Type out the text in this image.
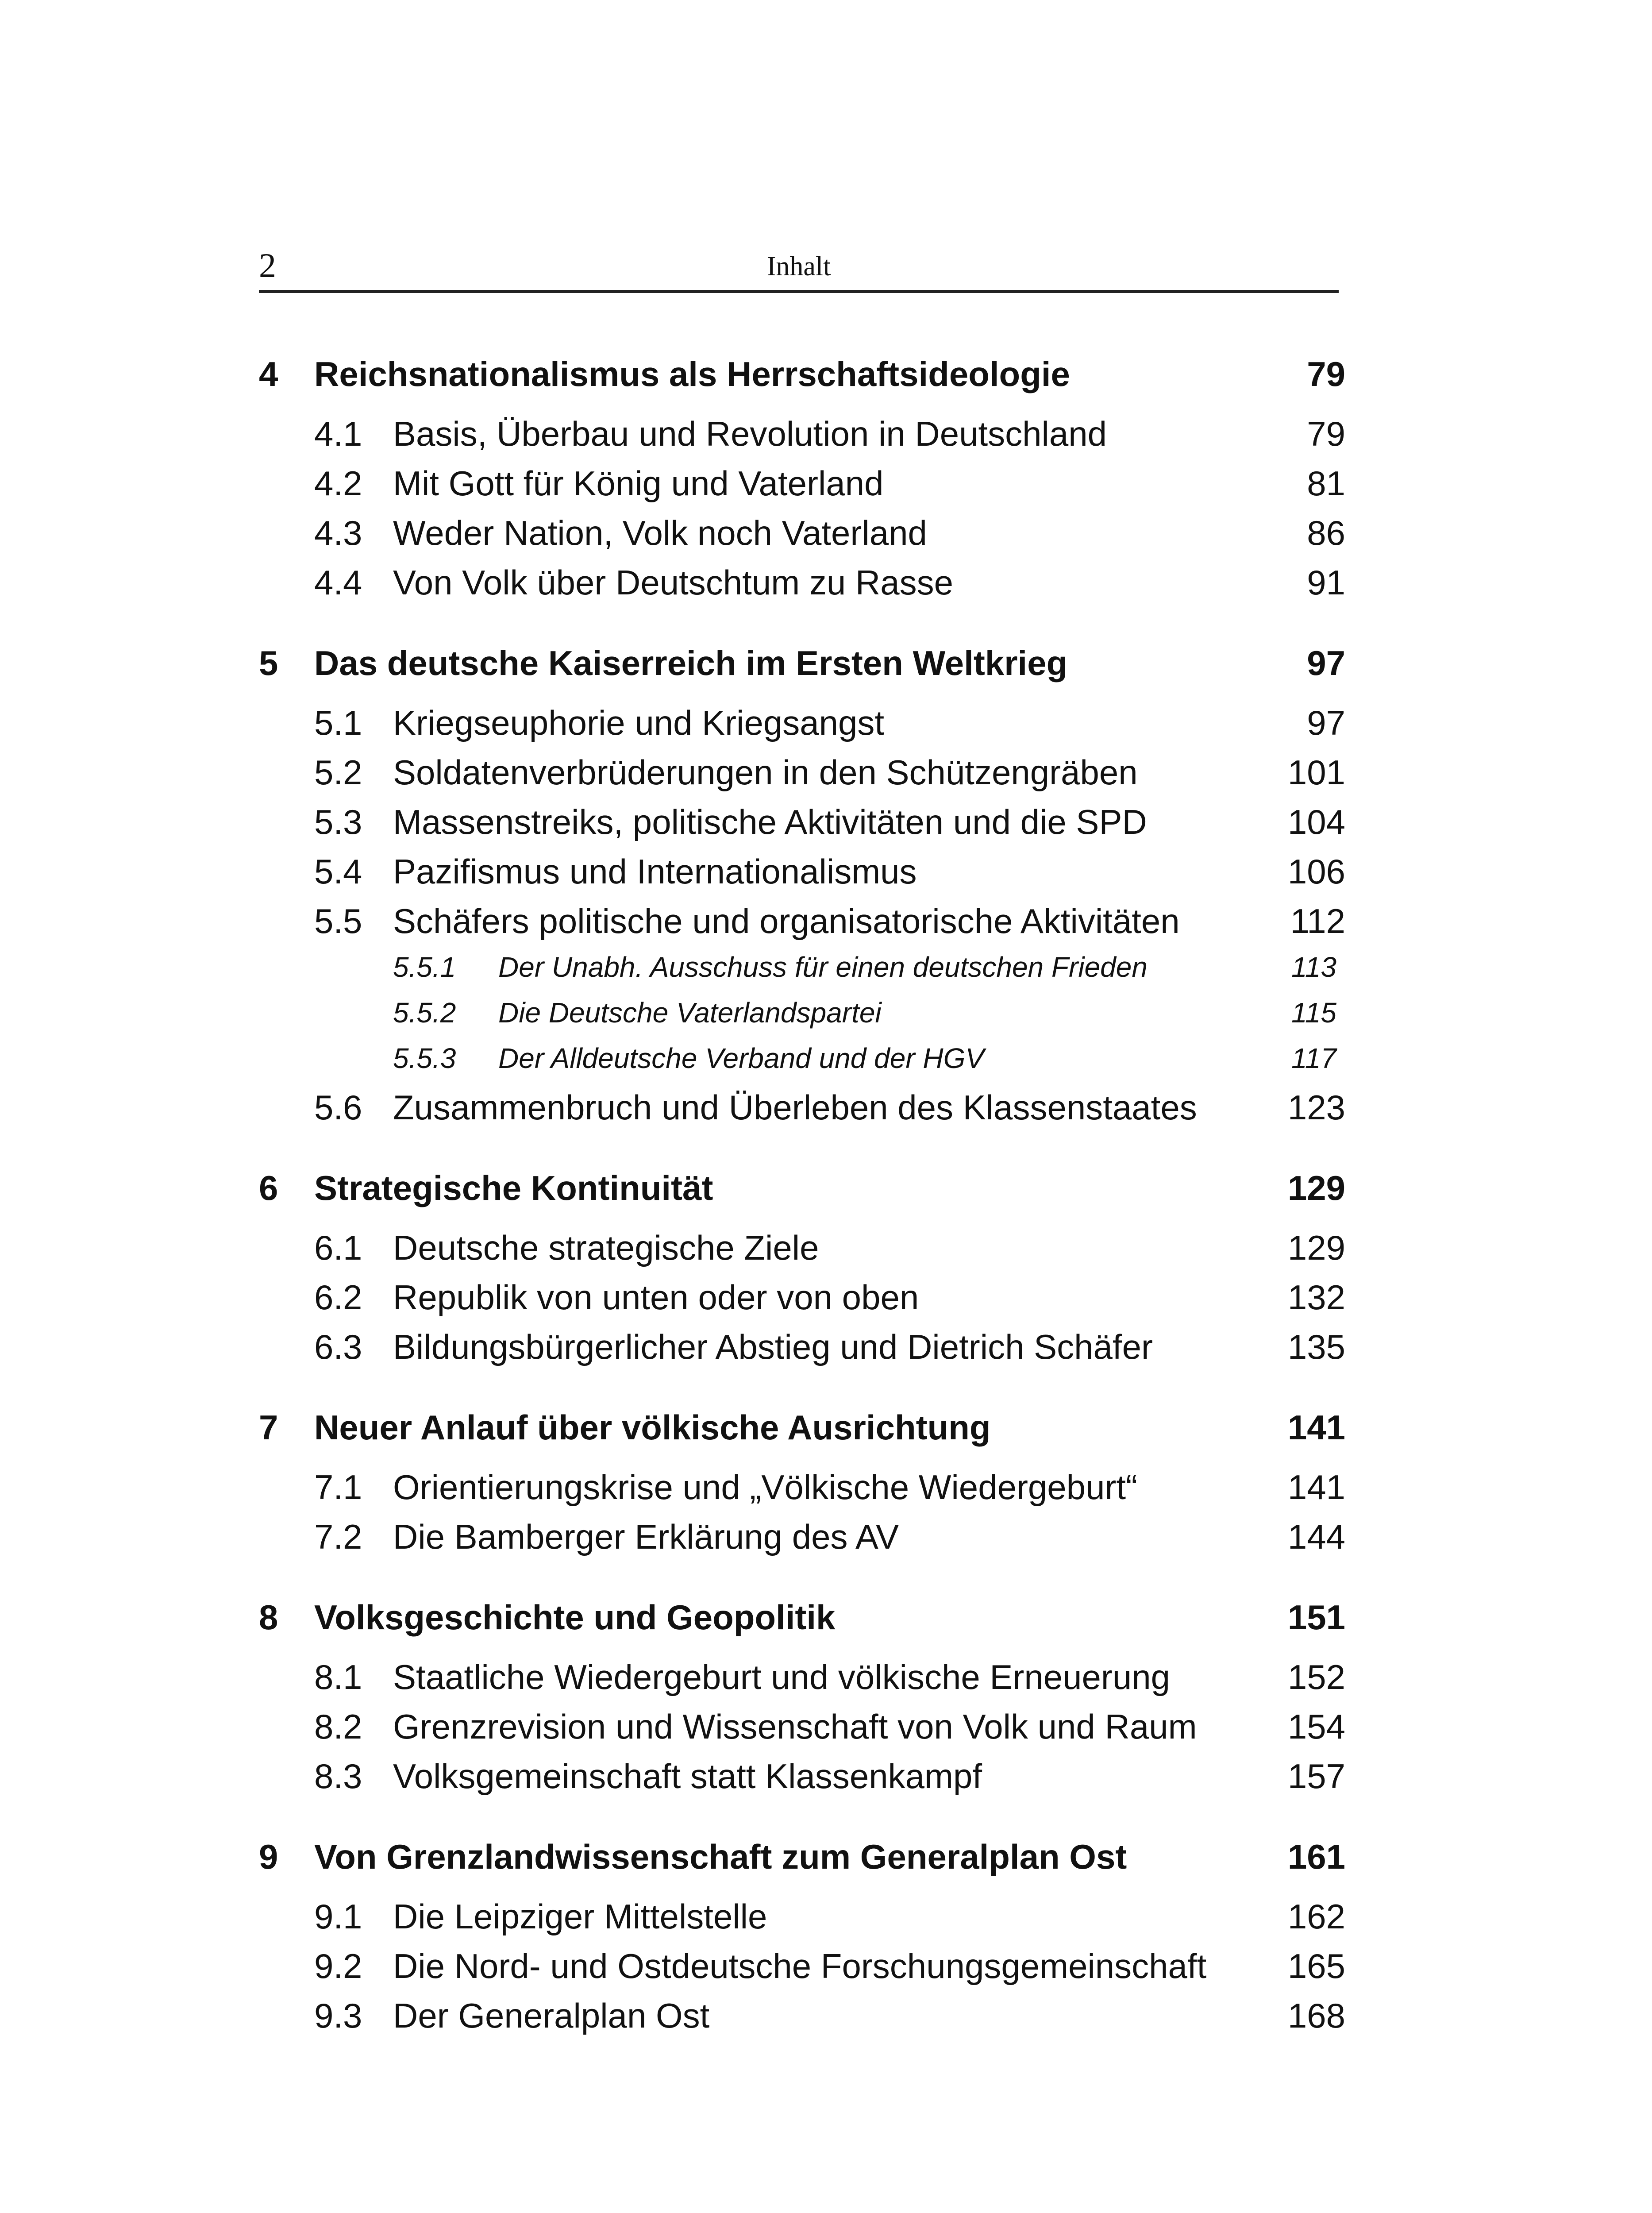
2	Inhalt
4	Reichsnationalismus als Herrschaftsideologie	79
4.1 Basis, Überbau und Revolution in Deutschland	79
4.2 Mit Gott für König und Vaterland	81
4.3 Weder Nation, Volk noch Vaterland	86
4.4 Von Volk über Deutschtum zu Rasse	91
5	Das deutsche Kaiserreich im Ersten Weltkrieg	97
5.1 Kriegseuphorie und Kriegsangst	97
5.2 Soldatenverbrüderungen in den Schützengräben	101
5.3 Massenstreiks, politische Aktivitäten und die SPD	104
5.4 Pazifismus und Internationalismus	106
5.5 Schäfers politische und organisatorische Aktivitäten	112
5.5.1	Der Unabh. Ausschuss für einen deutschen Frieden	113
5.5.2	Die Deutsche Vaterlandspartei	115
5.5.3	Der Alldeutsche Verband und der HGV	117
5.6 Zusammenbruch und Überleben des Klassenstaates	123
6	Strategische Kontinuität	129
6.1 Deutsche strategische Ziele	129
6.2 Republik von unten oder von oben	132
6.3 Bildungsbürgerlicher Abstieg und Dietrich Schäfer	135
7	Neuer Anlauf über völkische Ausrichtung	141
7.1 Orientierungskrise und „Völkische Wiedergeburt“	141
7.2 Die Bamberger Erklärung des AV	144
8	Volksgeschichte und Geopolitik	151
8.1 Staatliche Wiedergeburt und völkische Erneuerung	152
8.2 Grenzrevision und Wissenschaft von Volk und Raum	154
8.3 Volksgemeinschaft statt Klassenkampf	157
9	Von Grenzlandwissenschaft zum Generalplan Ost	161
9.1 Die Leipziger Mittelstelle	162
9.2 Die Nord- und Ostdeutsche Forschungsgemeinschaft	165
9.3 Der Generalplan Ost	168
